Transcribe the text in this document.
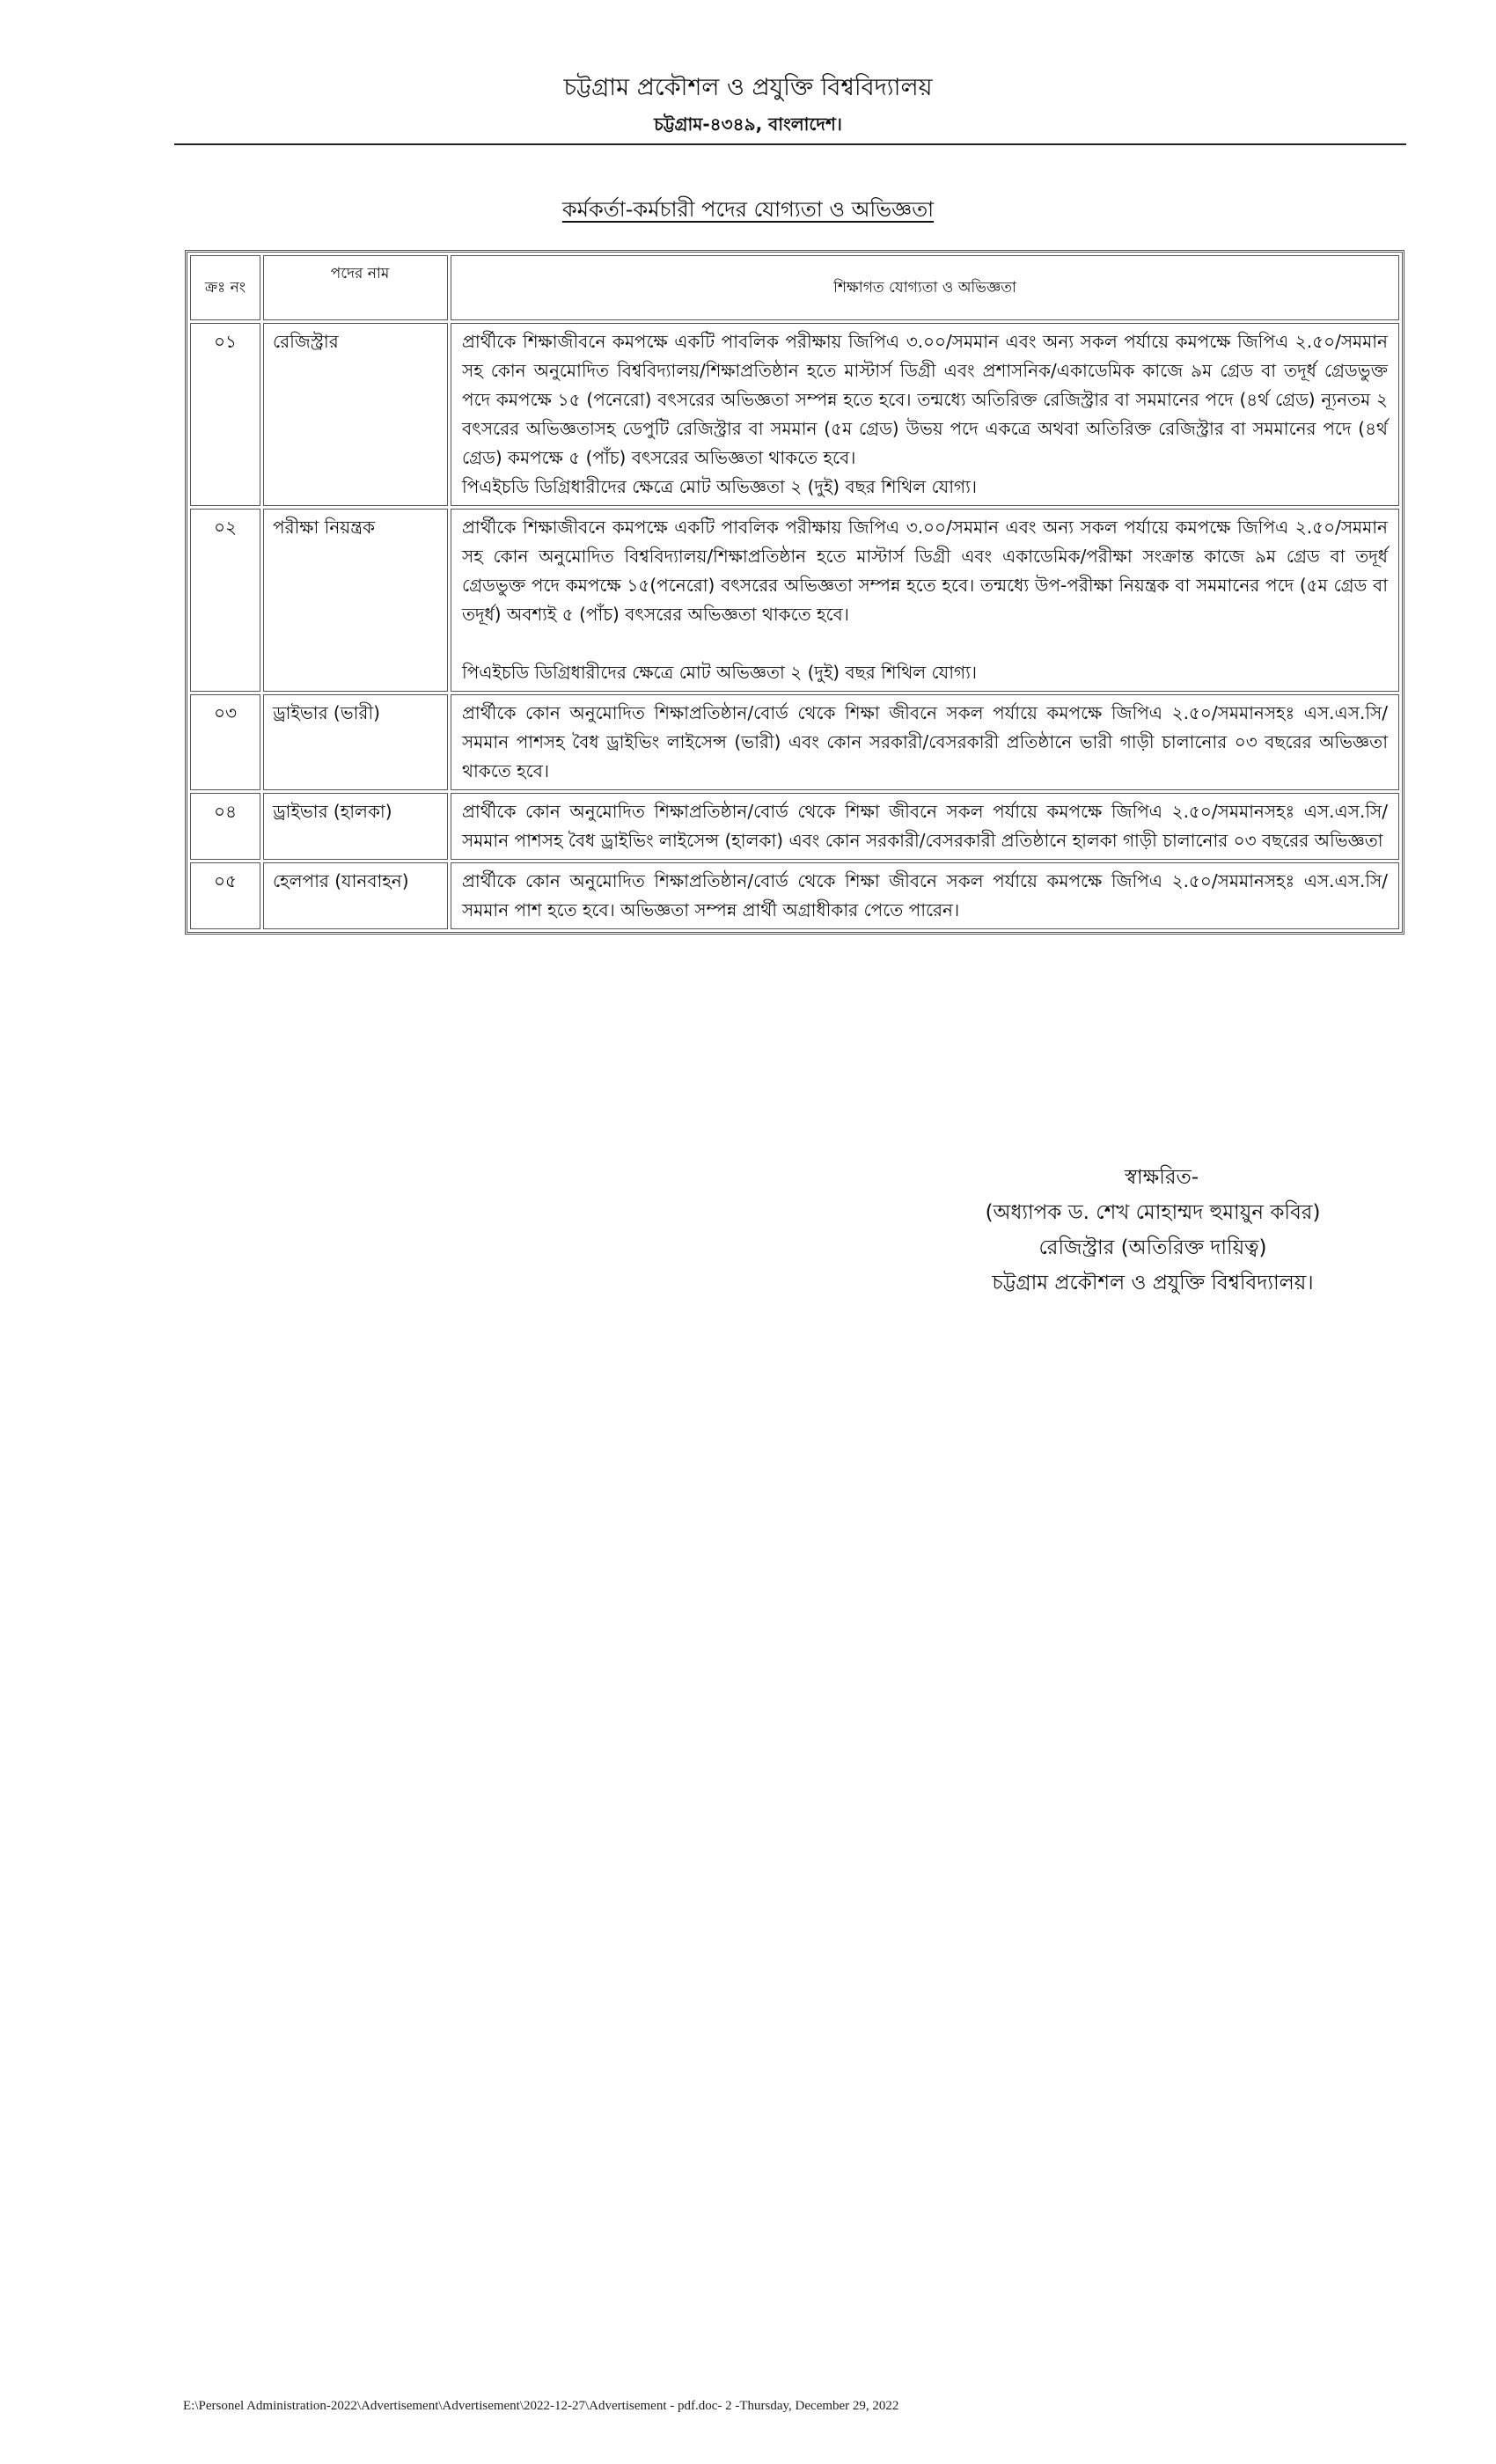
চট্টগ্রাম প্রকৌশল ও প্রযুক্তি বিশ্ববিদ্যালয়
চট্টগ্রাম-৪৩৪৯, বাংলাদেশ।
কর্মকর্তা-কর্মচারী পদের যোগ্যতা ও অভিজ্ঞতা
ক্রঃ নং	পদের নাম	শিক্ষাগত যোগ্যতা ও অভিজ্ঞতা
০১	রেজিস্ট্রার	প্রার্থীকে শিক্ষাজীবনে কমপক্ষে একটি পাবলিক পরীক্ষায় জিপিএ ৩.০০/সমমান এবং অন্য সকল পর্যায়ে কমপক্ষে জিপিএ ২.৫০/সমমান সহ কোন অনুমোদিত বিশ্ববিদ্যালয়/শিক্ষাপ্রতিষ্ঠান হতে মাস্টার্স ডিগ্রী এবং প্রশাসনিক/একাডেমিক কাজে ৯ম গ্রেড বা তদূর্ধ গ্রেডভুক্ত পদে কমপক্ষে ১৫ (পনেরো) বৎসরের অভিজ্ঞতা সম্পন্ন হতে হবে। তন্মধ্যে অতিরিক্ত রেজিস্ট্রার বা সমমানের পদে (৪র্থ গ্রেড) ন্যূনতম ২ বৎসরের অভিজ্ঞতাসহ ডেপুটি রেজিস্ট্রার বা সমমান (৫ম গ্রেড) উভয় পদে একত্রে অথবা অতিরিক্ত রেজিস্ট্রার বা সমমানের পদে (৪র্থ গ্রেড) কমপক্ষে ৫ (পাঁচ) বৎসরের অভিজ্ঞতা থাকতে হবে।

পিএইচডি ডিগ্রিধারীদের ক্ষেত্রে মোট অভিজ্ঞতা ২ (দুই) বছর শিথিল যোগ্য।

০২	পরীক্ষা নিয়ন্ত্রক	প্রার্থীকে শিক্ষাজীবনে কমপক্ষে একটি পাবলিক পরীক্ষায় জিপিএ ৩.০০/সমমান এবং অন্য সকল পর্যায়ে কমপক্ষে জিপিএ ২.৫০/সমমান সহ কোন অনুমোদিত বিশ্ববিদ্যালয়/শিক্ষাপ্রতিষ্ঠান হতে মাস্টার্স ডিগ্রী এবং একাডেমিক/পরীক্ষা সংক্রান্ত কাজে ৯ম গ্রেড বা তদূর্ধ গ্রেডভুক্ত পদে কমপক্ষে ১৫(পনেরো) বৎসরের অভিজ্ঞতা সম্পন্ন হতে হবে। তন্মধ্যে উপ-পরীক্ষা নিয়ন্ত্রক বা সমমানের পদে (৫ম গ্রেড বা তদূর্ধ) অবশ্যই ৫ (পাঁচ) বৎসরের অভিজ্ঞতা থাকতে হবে।

পিএইচডি ডিগ্রিধারীদের ক্ষেত্রে মোট অভিজ্ঞতা ২ (দুই) বছর শিথিল যোগ্য।

০৩	ড্রাইভার (ভারী)	প্রার্থীকে কোন অনুমোদিত শিক্ষাপ্রতিষ্ঠান/বোর্ড থেকে শিক্ষা জীবনে সকল পর্যায়ে কমপক্ষে জিপিএ ২.৫০/সমমানসহঃ এস.এস.সি/সমমান পাশসহ বৈধ ড্রাইভিং লাইসেন্স (ভারী) এবং কোন সরকারী/বেসরকারী প্রতিষ্ঠানে ভারী গাড়ী চালানোর ০৩ বছরের অভিজ্ঞতা থাকতে হবে।

০৪	ড্রাইভার (হালকা)	প্রার্থীকে কোন অনুমোদিত শিক্ষাপ্রতিষ্ঠান/বোর্ড থেকে শিক্ষা জীবনে সকল পর্যায়ে কমপক্ষে জিপিএ ২.৫০/সমমানসহঃ এস.এস.সি/সমমান পাশসহ বৈধ ড্রাইভিং লাইসেন্স (হালকা) এবং কোন সরকারী/বেসরকারী প্রতিষ্ঠানে হালকা গাড়ী চালানোর ০৩ বছরের অভিজ্ঞতা

০৫	হেলপার (যানবাহন)	প্রার্থীকে কোন অনুমোদিত শিক্ষাপ্রতিষ্ঠান/বোর্ড থেকে শিক্ষা জীবনে সকল পর্যায়ে কমপক্ষে জিপিএ ২.৫০/সমমানসহঃ এস.এস.সি/সমমান পাশ হতে হবে। অভিজ্ঞতা সম্পন্ন প্রার্থী অগ্রাধীকার পেতে পারেন।

স্বাক্ষরিত-
(অধ্যাপক ড. শেখ মোহাম্মদ হুমায়ুন কবির)
রেজিস্ট্রার (অতিরিক্ত দায়িত্ব)
চট্টগ্রাম প্রকৌশল ও প্রযুক্তি বিশ্ববিদ্যালয়।
E:\Personel Administration-2022\Advertisement\Advertisement\2022-12-27\Advertisement - pdf.doc- 2 -Thursday, December 29, 2022
